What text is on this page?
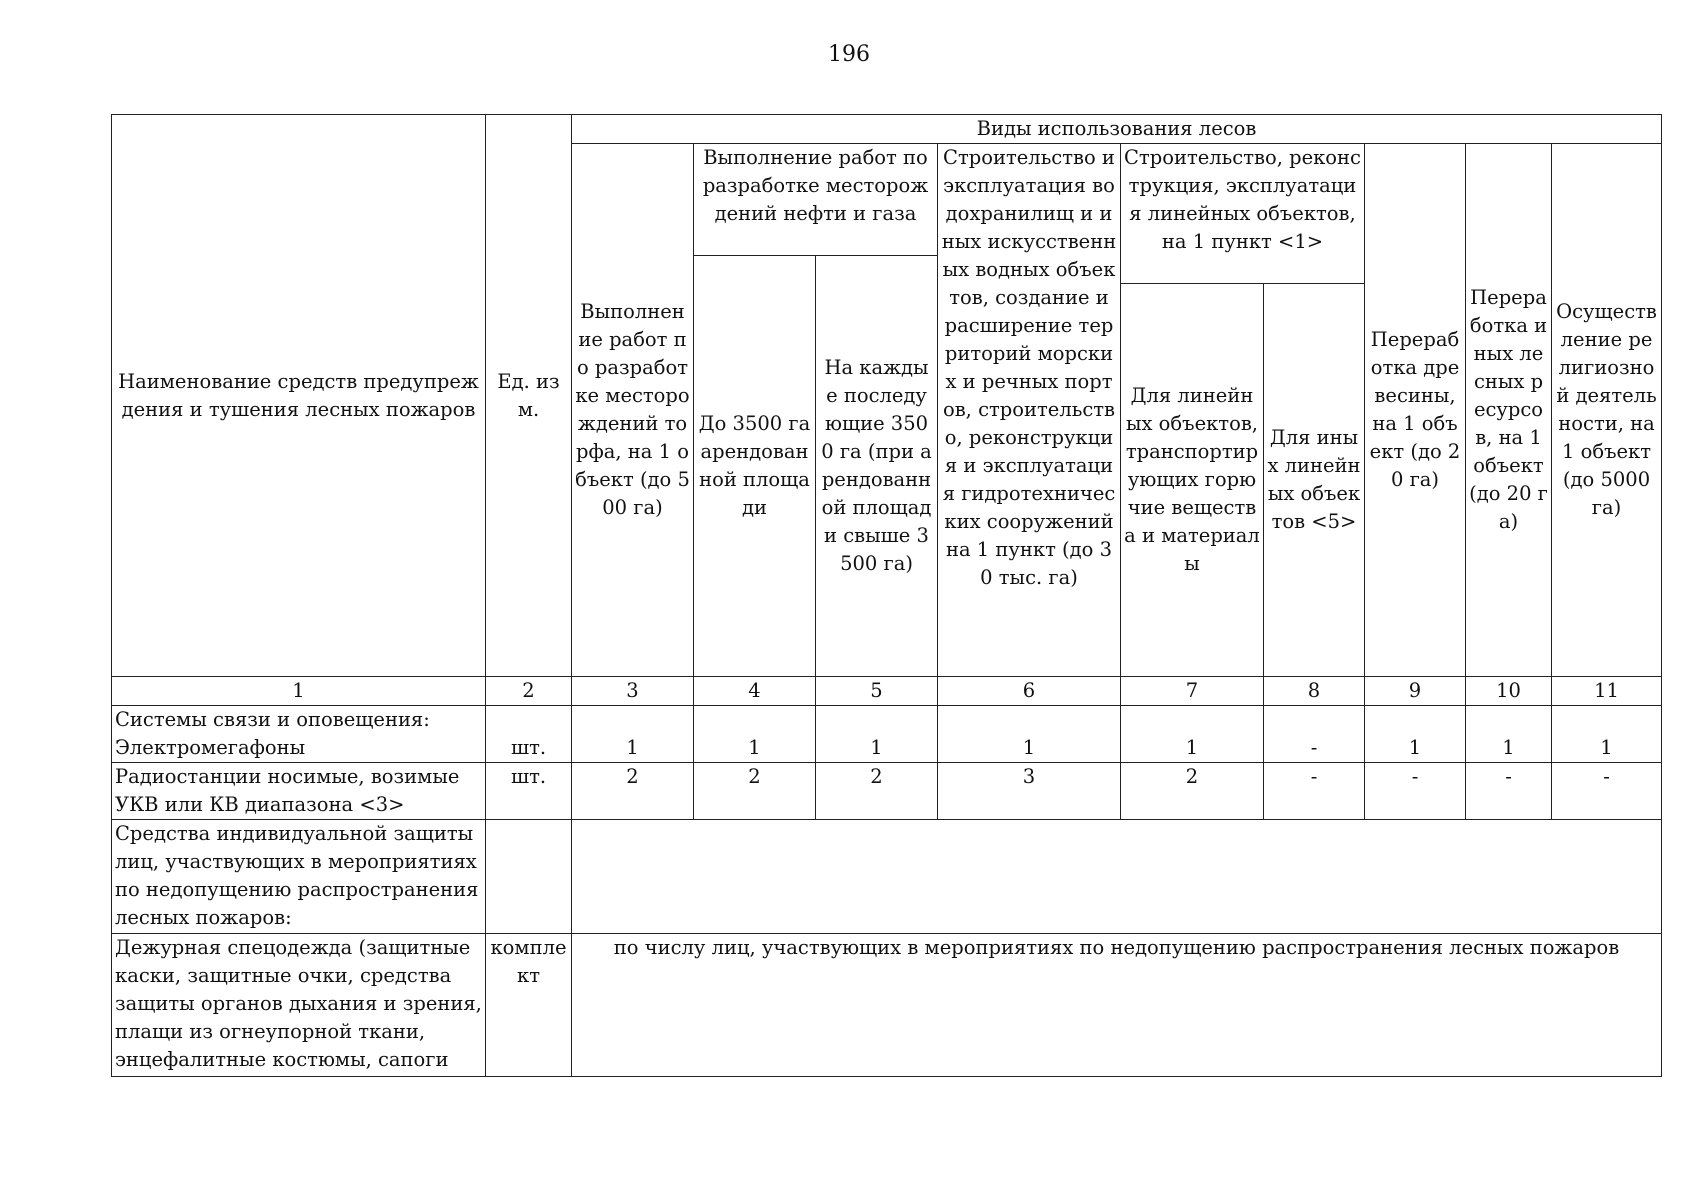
196
Наименование средств предупреждения и тушения лесных пожаров	Ед. изм.	Виды использования лесов								
		Выполнение работ по разработке месторождений торфа, на 1 объект (до 500 га)	Выполнение работ по разработке месторождений нефти и газа		Строительство и эксплуатация водохранилищ и иных искусственных водных объектов, создание и расширение территорий морских и речных портов, строительство, реконструкция и эксплуатация гидротехнических сооружений на 1 пункт (до 30 тыс. га)	Строительство, реконструкция, эксплуатация линейных объектов, на 1 пункт <1>		Переработка древесины, на 1 объект (до 20 га)	Переработка иных лесных ресурсов, на 1 объект (до 20 га)	Осуществление религиозной деятельности, на 1 объект (до 5000 га)
			До 3500 га арендованной площади	На каждые последующие 3500 га (при арендованной площади свыше 3500 га)						
						Для линейных объектов, транспортирующих горючие вещества и материалы	Для иных линейных объектов <5>			
1	2	3	4	5	6	7	8	9	10	11
Системы связи и оповещения:
Электромегафоны	шт.	1	1	1	1	1	-	1	1	1
Радиостанции носимые, возимые УКВ или КВ диапазона <3>	шт.	2	2	2	3	2	-	-	-	-
Средства индивидуальной защиты лиц, участвующих в мероприятиях по недопущению распространения лесных пожаров:										
Дежурная спецодежда (защитные каски, защитные очки, средства защиты органов дыхания и зрения, плащи из огнеупорной ткани, энцефалитные костюмы, сапоги	комплект	по числу лиц, участвующих в мероприятиях по недопущению распространения лесных пожаров								
